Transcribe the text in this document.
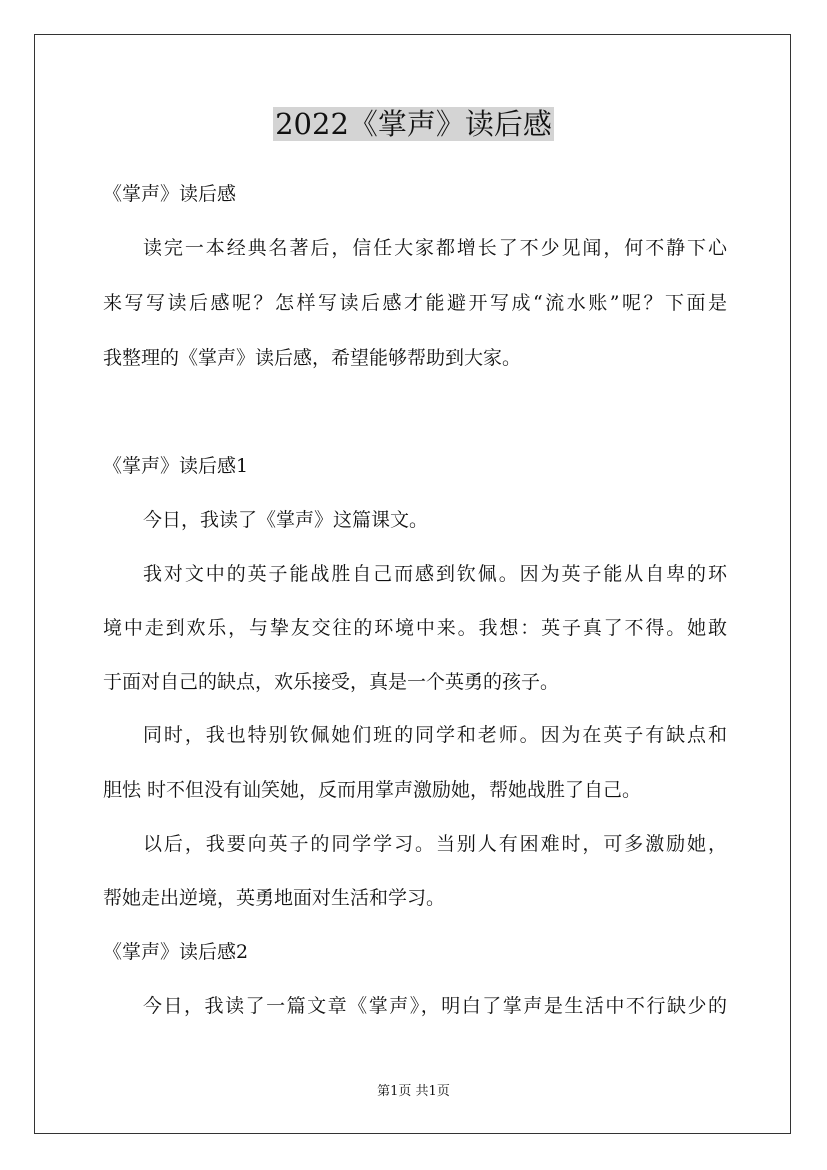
2022《掌声》读后感
《掌声》读后感
读完一本经典名著后，信任大家都增长了不少见闻，何不静下心
来写写读后感呢？怎样写读后感才能避开写成“流水账”呢？下面是
我整理的《掌声》读后感，希望能够帮助到大家。
《掌声》读后感1
今日，我读了《掌声》这篇课文。
我对文中的英子能战胜自己而感到钦佩。因为英子能从自卑的环
境中走到欢乐，与挚友交往的环境中来。我想：英子真了不得。她敢
于面对自己的缺点，欢乐接受，真是一个英勇的孩子。
同时，我也特别钦佩她们班的同学和老师。因为在英子有缺点和
胆怯 时不但没有讪笑她，反而用掌声激励她，帮她战胜了自己。
以后，我要向英子的同学学习。当别人有困难时，可多激励她，
帮她走出逆境，英勇地面对生活和学习。
《掌声》读后感2
今日，我读了一篇文章《掌声》，明白了掌声是生活中不行缺少的
第1页 共1页
